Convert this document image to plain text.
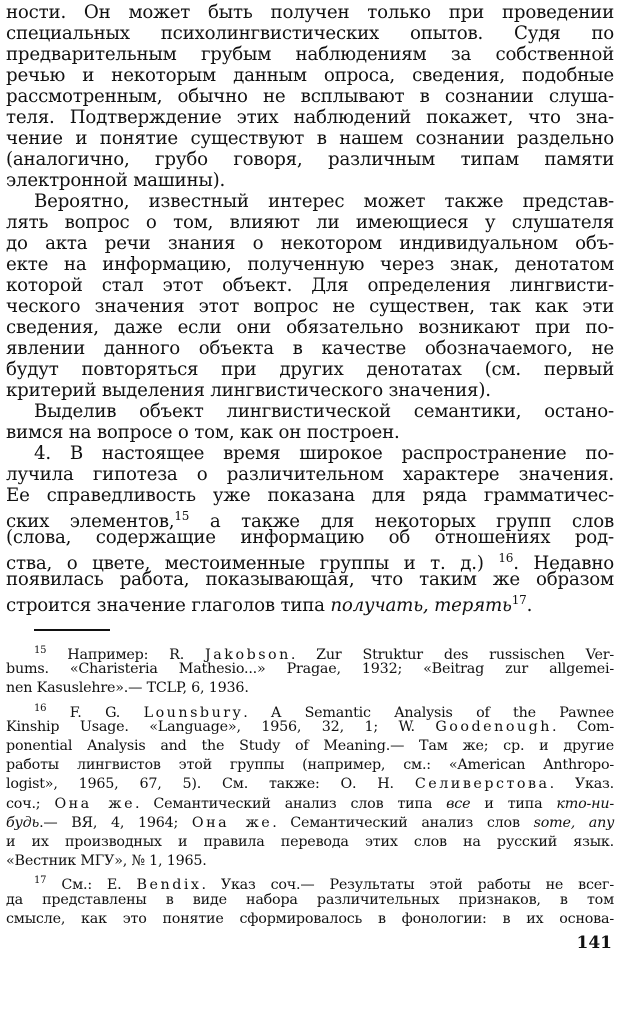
ности. Он может быть получен только при проведении
специальных психолингвистических опытов. Судя по
предварительным грубым наблюдениям за собственной
речью и некоторым данным опроса, сведения, подобные
рассмотренным, обычно не всплывают в сознании слуша-
теля. Подтверждение этих наблюдений покажет, что зна-
чение и понятие существуют в нашем сознании раздельно
(аналогично, грубо говоря, различным типам памяти
электронной машины).
Вероятно, известный интерес может также представ-
лять вопрос о том, влияют ли имеющиеся у слушателя
до акта речи знания о некотором индивидуальном объ-
екте на информацию, полученную через знак, денотатом
которой стал этот объект. Для определения лингвисти-
ческого значения этот вопрос не существен, так как эти
сведения, даже если они обязательно возникают при по-
явлении данного объекта в качестве обозначаемого, не
будут повторяться при других денотатах (см. первый
критерий выделения лингвистического значения).
Выделив объект лингвистической семантики, остано-
вимся на вопросе о том, как он построен.
4. В настоящее время широкое распространение по-
лучила гипотеза о различительном характере значения.
Ее справедливость уже показана для ряда грамматичес-
ских элементов,$^{15}$ а также для некоторых групп слов
(слова, содержащие информацию об отношениях род-
ства, о цвете, местоименные группы и т. д.) $^{16}$. Недавно
появилась работа, показывающая, что таким же образом
строится значение глаголов типа получать, терять$^{17}$.
$^{15}$ Например: R. Jakobson. Zur Struktur des russischen Ver-
bums. «Charisteria Mathesio...» Pragae, 1932; «Beitrag zur allgemei-
nen Kasuslehre».— TCLP, 6, 1936.
$^{16}$ F. G. Lounsbury. A Semantic Analysis of the Pawnee
Kinship Usage. «Language», 1956, 32, 1; W. Goodenough. Com-
ponential Analysis and the Study of Meaning.— Там же; ср. и другие
работы лингвистов этой группы (например, см.: «American Anthropo-
logist», 1965, 67, 5). См. также: О. Н. Селиверстова. Указ.
соч.; Она же. Семантический анализ слов типа все и типа кто-ни-
будь.— ВЯ, 4, 1964; Она же. Семантический анализ слов some, any
и их производных и правила перевода этих слов на русский язык.
«Вестник МГУ», № 1, 1965.
$^{17}$ См.: E. Bendix. Указ соч.— Результаты этой работы не всег-
да представлены в виде набора различительных признаков, в том
смысле, как это понятие сформировалось в фонологии: в их основа-
141
